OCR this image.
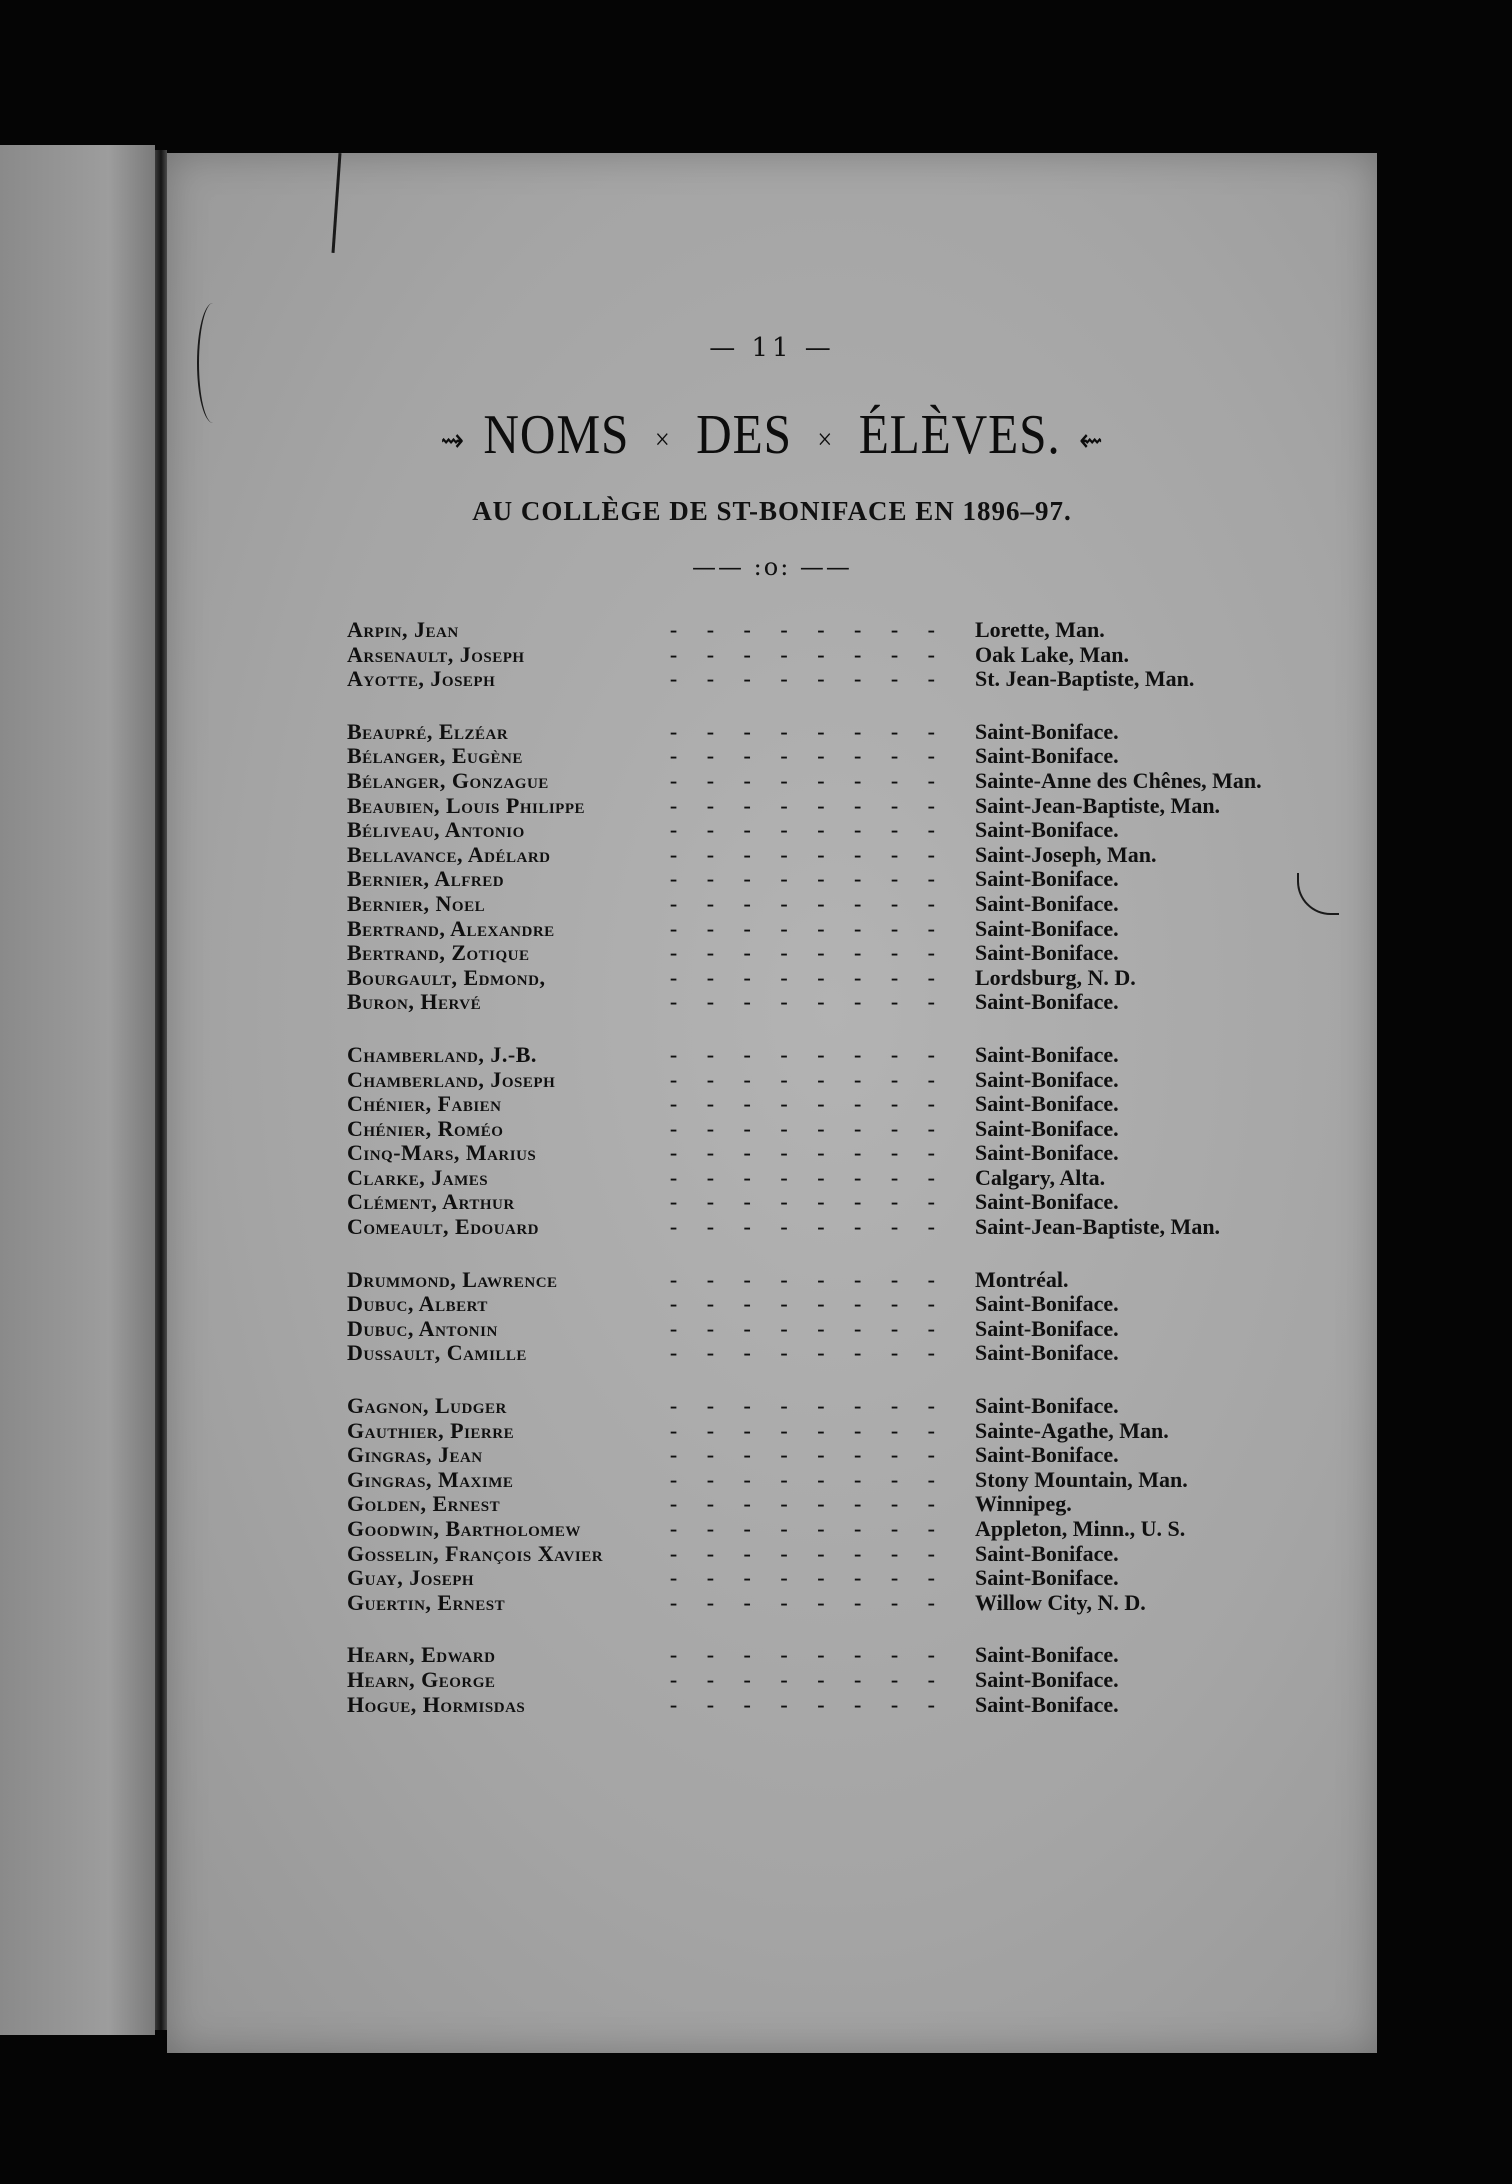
— 11 —
⇝ NOMS × DES × ÉLÈVES. ⇜
AU COLLÈGE DE ST-BONIFACE EN 1896–97.
—— :o: ——
Arpin, Jean	- - - - - - - - Lorette, Man.
Arsenault, Joseph	- - - - - - - - Oak Lake, Man.
Ayotte, Joseph	- - - - - - - - St. Jean-Baptiste, Man.
Beaupré, Elzéar	- - - - - - - - Saint-Boniface.
Bélanger, Eugène	- - - - - - - - Saint-Boniface.
Bélanger, Gonzague	- - - - - - - - Sainte-Anne des Chênes, Man.
Beaubien, Louis Philippe	- - - - - - - - Saint-Jean-Baptiste, Man.
Béliveau, Antonio	- - - - - - - - Saint-Boniface.
Bellavance, Adélard	- - - - - - - - Saint-Joseph, Man.
Bernier, Alfred	- - - - - - - - Saint-Boniface.
Bernier, Noel	- - - - - - - - Saint-Boniface.
Bertrand, Alexandre	- - - - - - - - Saint-Boniface.
Bertrand, Zotique	- - - - - - - - Saint-Boniface.
Bourgault, Edmond,	- - - - - - - - Lordsburg, N. D.
Buron, Hervé	- - - - - - - - Saint-Boniface.
Chamberland, J.-B.	- - - - - - - - Saint-Boniface.
Chamberland, Joseph	- - - - - - - - Saint-Boniface.
Chénier, Fabien	- - - - - - - - Saint-Boniface.
Chénier, Roméo	- - - - - - - - Saint-Boniface.
Cinq-Mars, Marius	- - - - - - - - Saint-Boniface.
Clarke, James	- - - - - - - - Calgary, Alta.
Clément, Arthur	- - - - - - - - Saint-Boniface.
Comeault, Edouard	- - - - - - - - Saint-Jean-Baptiste, Man.
Drummond, Lawrence	- - - - - - - - Montréal.
Dubuc, Albert	- - - - - - - - Saint-Boniface.
Dubuc, Antonin	- - - - - - - - Saint-Boniface.
Dussault, Camille	- - - - - - - - Saint-Boniface.
Gagnon, Ludger	- - - - - - - - Saint-Boniface.
Gauthier, Pierre	- - - - - - - - Sainte-Agathe, Man.
Gingras, Jean	- - - - - - - - Saint-Boniface.
Gingras, Maxime	- - - - - - - - Stony Mountain, Man.
Golden, Ernest	- - - - - - - - Winnipeg.
Goodwin, Bartholomew	- - - - - - - - Appleton, Minn., U. S.
Gosselin, François Xavier	- - - - - - - - Saint-Boniface.
Guay, Joseph	- - - - - - - - Saint-Boniface.
Guertin, Ernest	- - - - - - - - Willow City, N. D.
Hearn, Edward	- - - - - - - - Saint-Boniface.
Hearn, George	- - - - - - - - Saint-Boniface.
Hogue, Hormisdas	- - - - - - - - Saint-Boniface.
